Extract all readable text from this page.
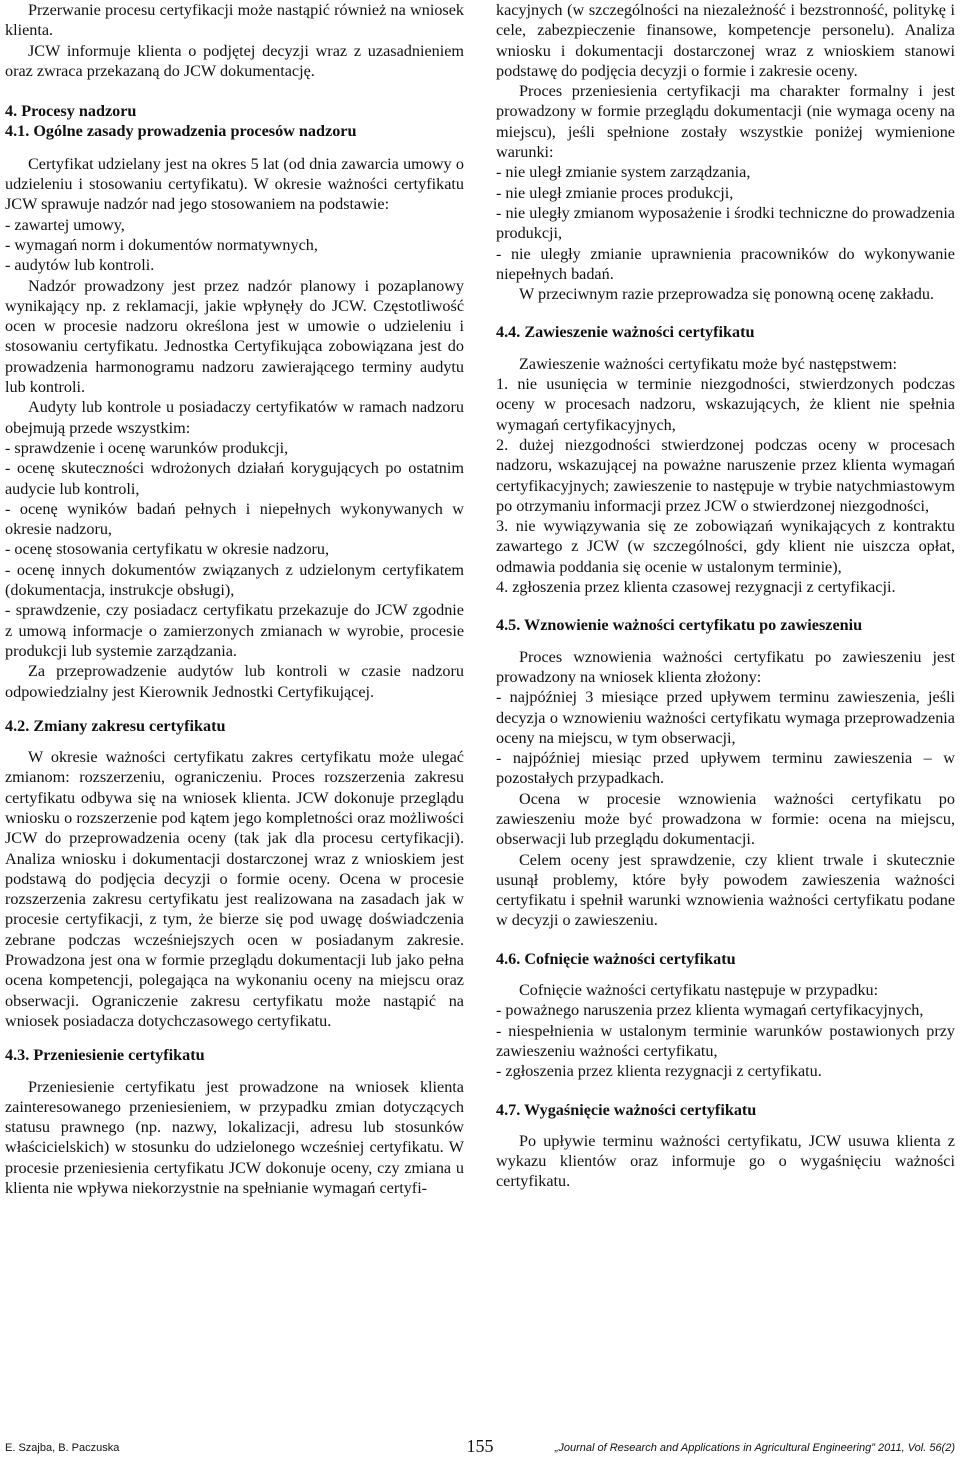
Przerwanie procesu certyfikacji może nastąpić również na wniosek klienta.

JCW informuje klienta o podjętej decyzji wraz z uzasadnieniem oraz zwraca przekazaną do JCW dokumentację.

4. Procesy nadzoru

4.1. Ogólne zasady prowadzenia procesów nadzoru

Certyfikat udzielany jest na okres 5 lat (od dnia zawarcia umowy o udzieleniu i stosowaniu certyfikatu). W okresie ważności certyfikatu JCW sprawuje nadzór nad jego stosowaniem na podstawie:

- zawartej umowy,

- wymagań norm i dokumentów normatywnych,

- audytów lub kontroli.

Nadzór prowadzony jest przez nadzór planowy i pozaplanowy wynikający np. z reklamacji, jakie wpłynęły do JCW. Częstotliwość ocen w procesie nadzoru określona jest w umowie o udzieleniu i stosowaniu certyfikatu. Jednostka Certyfikująca zobowiązana jest do prowadzenia harmonogramu nadzoru zawierającego terminy audytu lub kontroli.

Audyty lub kontrole u posiadaczy certyfikatów w ramach nadzoru obejmują przede wszystkim:

- sprawdzenie i ocenę warunków produkcji,

- ocenę skuteczności wdrożonych działań korygujących po ostatnim audycie lub kontroli,

- ocenę wyników badań pełnych i niepełnych wykonywanych w okresie nadzoru,

- ocenę stosowania certyfikatu w okresie nadzoru,

- ocenę innych dokumentów związanych z udzielonym certyfikatem (dokumentacja, instrukcje obsługi),

- sprawdzenie, czy posiadacz certyfikatu przekazuje do JCW zgodnie z umową informacje o zamierzonych zmianach w wyrobie, procesie produkcji lub systemie zarządzania.

Za przeprowadzenie audytów lub kontroli w czasie nadzoru odpowiedzialny jest Kierownik Jednostki Certyfikującej.

4.2. Zmiany zakresu certyfikatu

W okresie ważności certyfikatu zakres certyfikatu może ulegać zmianom: rozszerzeniu, ograniczeniu. Proces rozszerzenia zakresu certyfikatu odbywa się na wniosek klienta. JCW dokonuje przeglądu wniosku o rozszerzenie pod kątem jego kompletności oraz możliwości JCW do przeprowadzenia oceny (tak jak dla procesu certyfikacji). Analiza wniosku i dokumentacji dostarczonej wraz z wnioskiem jest podstawą do podjęcia decyzji o formie oceny. Ocena w procesie rozszerzenia zakresu certyfikatu jest realizowana na zasadach jak w procesie certyfikacji, z tym, że bierze się pod uwagę doświadczenia zebrane podczas wcześniejszych ocen w posiadanym zakresie. Prowadzona jest ona w formie przeglądu dokumentacji lub jako pełna ocena kompetencji, polegająca na wykonaniu oceny na miejscu oraz obserwacji. Ograniczenie zakresu certyfikatu może nastąpić na wniosek posiadacza dotychczasowego certyfikatu.

4.3. Przeniesienie certyfikatu

Przeniesienie certyfikatu jest prowadzone na wniosek klienta zainteresowanego przeniesieniem, w przypadku zmian dotyczących statusu prawnego (np. nazwy, lokalizacji, adresu lub stosunków właścicielskich) w stosunku do udzielonego wcześniej certyfikatu. W procesie przeniesienia certyfikatu JCW dokonuje oceny, czy zmiana u klienta nie wpływa niekorzystnie na spełnianie wymagań certyfi-

kacyjnych (w szczególności na niezależność i bezstronność, politykę i cele, zabezpieczenie finansowe, kompetencje personelu). Analiza wniosku i dokumentacji dostarczonej wraz z wnioskiem stanowi podstawę do podjęcia decyzji o formie i zakresie oceny.

Proces przeniesienia certyfikacji ma charakter formalny i jest prowadzony w formie przeglądu dokumentacji (nie wymaga oceny na miejscu), jeśli spełnione zostały wszystkie poniżej wymienione warunki:

- nie uległ zmianie system zarządzania,

- nie uległ zmianie proces produkcji,

- nie uległy zmianom wyposażenie i środki techniczne do prowadzenia produkcji,

- nie uległy zmianie uprawnienia pracowników do wykonywanie niepełnych badań.

W przeciwnym razie przeprowadza się ponowną ocenę zakładu.

4.4. Zawieszenie ważności certyfikatu

Zawieszenie ważności certyfikatu może być następstwem:

1. nie usunięcia w terminie niezgodności, stwierdzonych podczas oceny w procesach nadzoru, wskazujących, że klient nie spełnia wymagań certyfikacyjnych,

2. dużej niezgodności stwierdzonej podczas oceny w procesach nadzoru, wskazującej na poważne naruszenie przez klienta wymagań certyfikacyjnych; zawieszenie to następuje w trybie natychmiastowym po otrzymaniu informacji przez JCW o stwierdzonej niezgodności,

3. nie wywiązywania się ze zobowiązań wynikających z kontraktu zawartego z JCW (w szczególności, gdy klient nie uiszcza opłat, odmawia poddania się ocenie w ustalonym terminie),

4. zgłoszenia przez klienta czasowej rezygnacji z certyfikacji.

4.5. Wznowienie ważności certyfikatu po zawieszeniu

Proces wznowienia ważności certyfikatu po zawieszeniu jest prowadzony na wniosek klienta złożony:

- najpóźniej 3 miesiące przed upływem terminu zawieszenia, jeśli decyzja o wznowieniu ważności certyfikatu wymaga przeprowadzenia oceny na miejscu, w tym obserwacji,

- najpóźniej miesiąc przed upływem terminu zawieszenia – w pozostałych przypadkach.

Ocena w procesie wznowienia ważności certyfikatu po zawieszeniu może być prowadzona w formie: ocena na miejscu, obserwacji lub przeglądu dokumentacji.

Celem oceny jest sprawdzenie, czy klient trwale i skutecznie usunął problemy, które były powodem zawieszenia ważności certyfikatu i spełnił warunki wznowienia ważności certyfikatu podane w decyzji o zawieszeniu.

4.6. Cofnięcie ważności certyfikatu

Cofnięcie ważności certyfikatu następuje w przypadku:

- poważnego naruszenia przez klienta wymagań certyfikacyjnych,

- niespełnienia w ustalonym terminie warunków postawionych przy zawieszeniu ważności certyfikatu,

- zgłoszenia przez klienta rezygnacji z certyfikatu.

4.7. Wygaśnięcie ważności certyfikatu

Po upływie terminu ważności certyfikatu, JCW usuwa klienta z wykazu klientów oraz informuje go o wygaśnięciu ważności certyfikatu.

E. Szajba, B. Paczuska	155	„Journal of Research and Applications in Agricultural Engineering” 2011, Vol. 56(2)
